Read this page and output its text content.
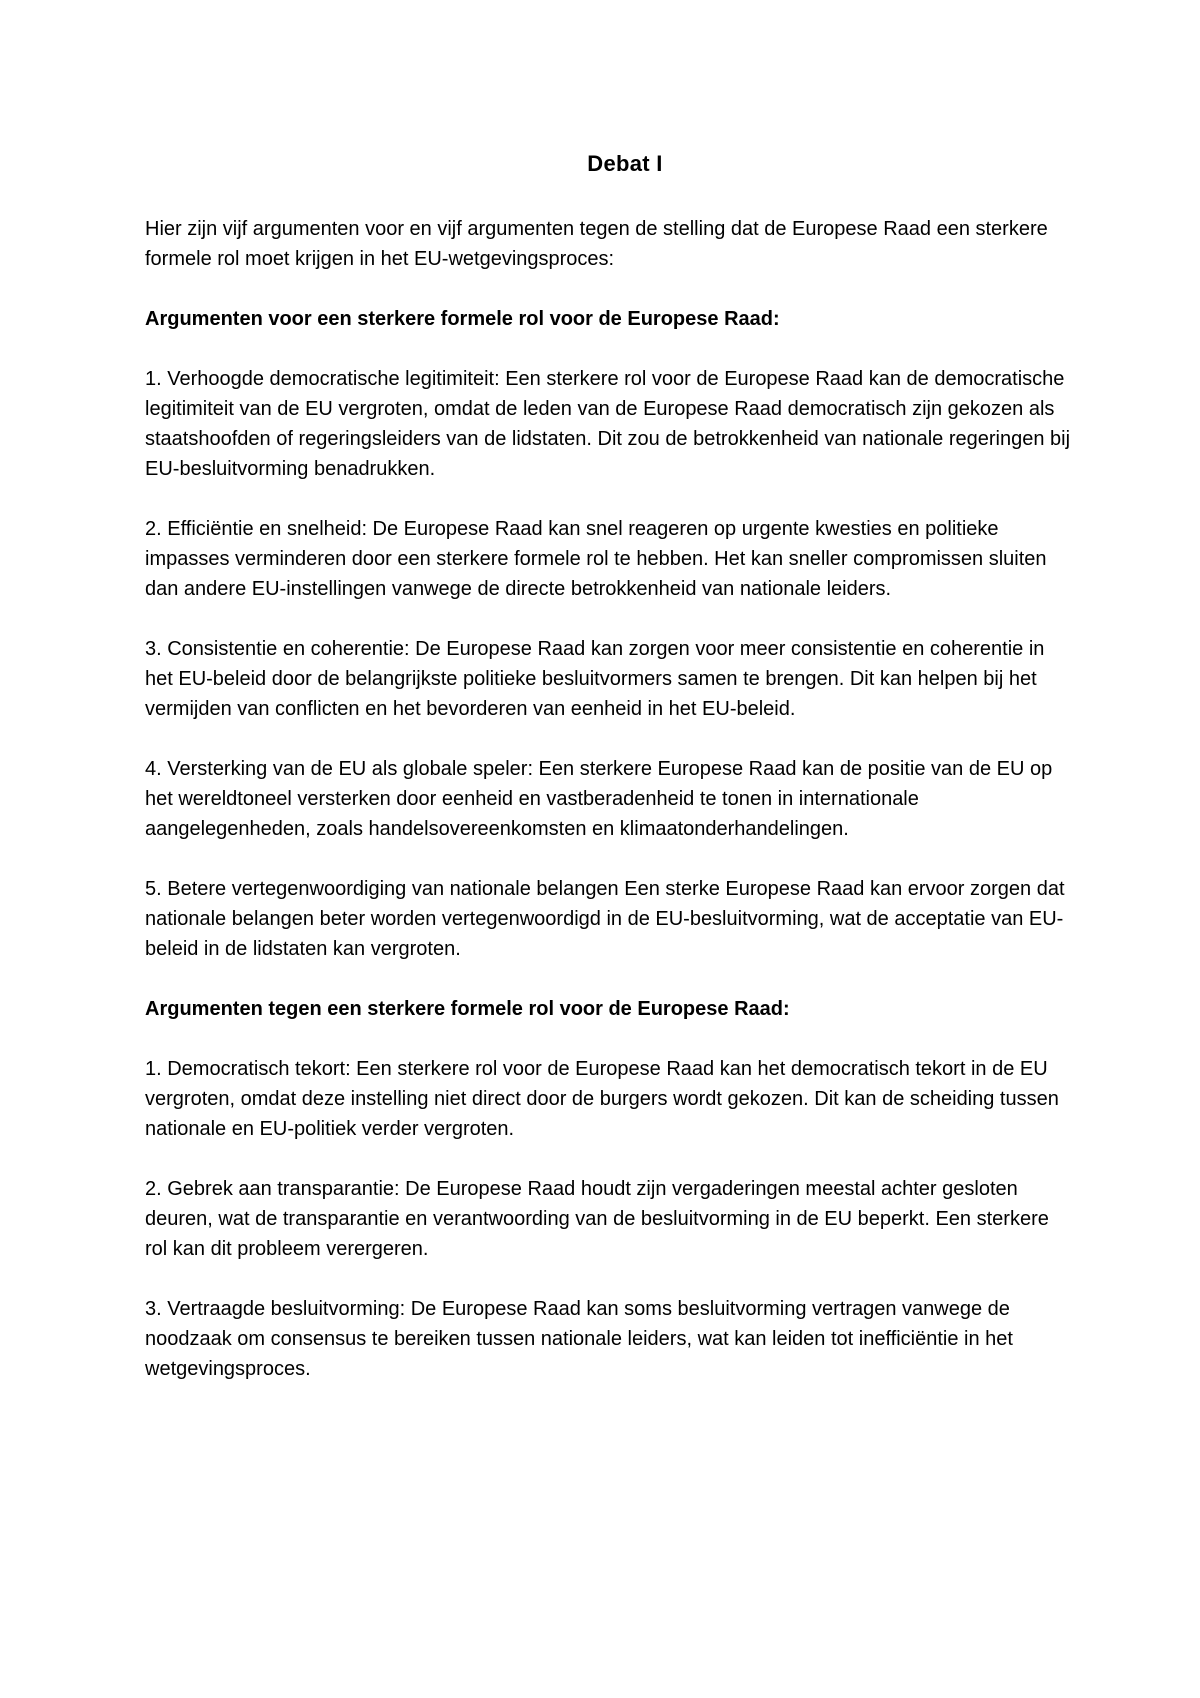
Debat I

Hier zijn vijf argumenten voor en vijf argumenten tegen de stelling dat de Europese Raad een sterkere formele rol moet krijgen in het EU-wetgevingsproces:

Argumenten voor een sterkere formele rol voor de Europese Raad:

1. Verhoogde democratische legitimiteit: Een sterkere rol voor de Europese Raad kan de democratische legitimiteit van de EU vergroten, omdat de leden van de Europese Raad democratisch zijn gekozen als staatshoofden of regeringsleiders van de lidstaten. Dit zou de betrokkenheid van nationale regeringen bij EU-besluitvorming benadrukken.

2. Efficiëntie en snelheid: De Europese Raad kan snel reageren op urgente kwesties en politieke impasses verminderen door een sterkere formele rol te hebben. Het kan sneller compromissen sluiten dan andere EU-instellingen vanwege de directe betrokkenheid van nationale leiders.

3. Consistentie en coherentie: De Europese Raad kan zorgen voor meer consistentie en coherentie in het EU-beleid door de belangrijkste politieke besluitvormers samen te brengen. Dit kan helpen bij het vermijden van conflicten en het bevorderen van eenheid in het EU-beleid.

4. Versterking van de EU als globale speler: Een sterkere Europese Raad kan de positie van de EU op het wereldtoneel versterken door eenheid en vastberadenheid te tonen in internationale aangelegenheden, zoals handelsovereenkomsten en klimaatonderhandelingen.

5. Betere vertegenwoordiging van nationale belangen Een sterke Europese Raad kan ervoor zorgen dat nationale belangen beter worden vertegenwoordigd in de EU-besluitvorming, wat de acceptatie van EU-beleid in de lidstaten kan vergroten.

Argumenten tegen een sterkere formele rol voor de Europese Raad:

1. Democratisch tekort: Een sterkere rol voor de Europese Raad kan het democratisch tekort in de EU vergroten, omdat deze instelling niet direct door de burgers wordt gekozen. Dit kan de scheiding tussen nationale en EU-politiek verder vergroten.

2. Gebrek aan transparantie: De Europese Raad houdt zijn vergaderingen meestal achter gesloten deuren, wat de transparantie en verantwoording van de besluitvorming in de EU beperkt. Een sterkere rol kan dit probleem verergeren.

3. Vertraagde besluitvorming: De Europese Raad kan soms besluitvorming vertragen vanwege de noodzaak om consensus te bereiken tussen nationale leiders, wat kan leiden tot inefficiëntie in het wetgevingsproces.
